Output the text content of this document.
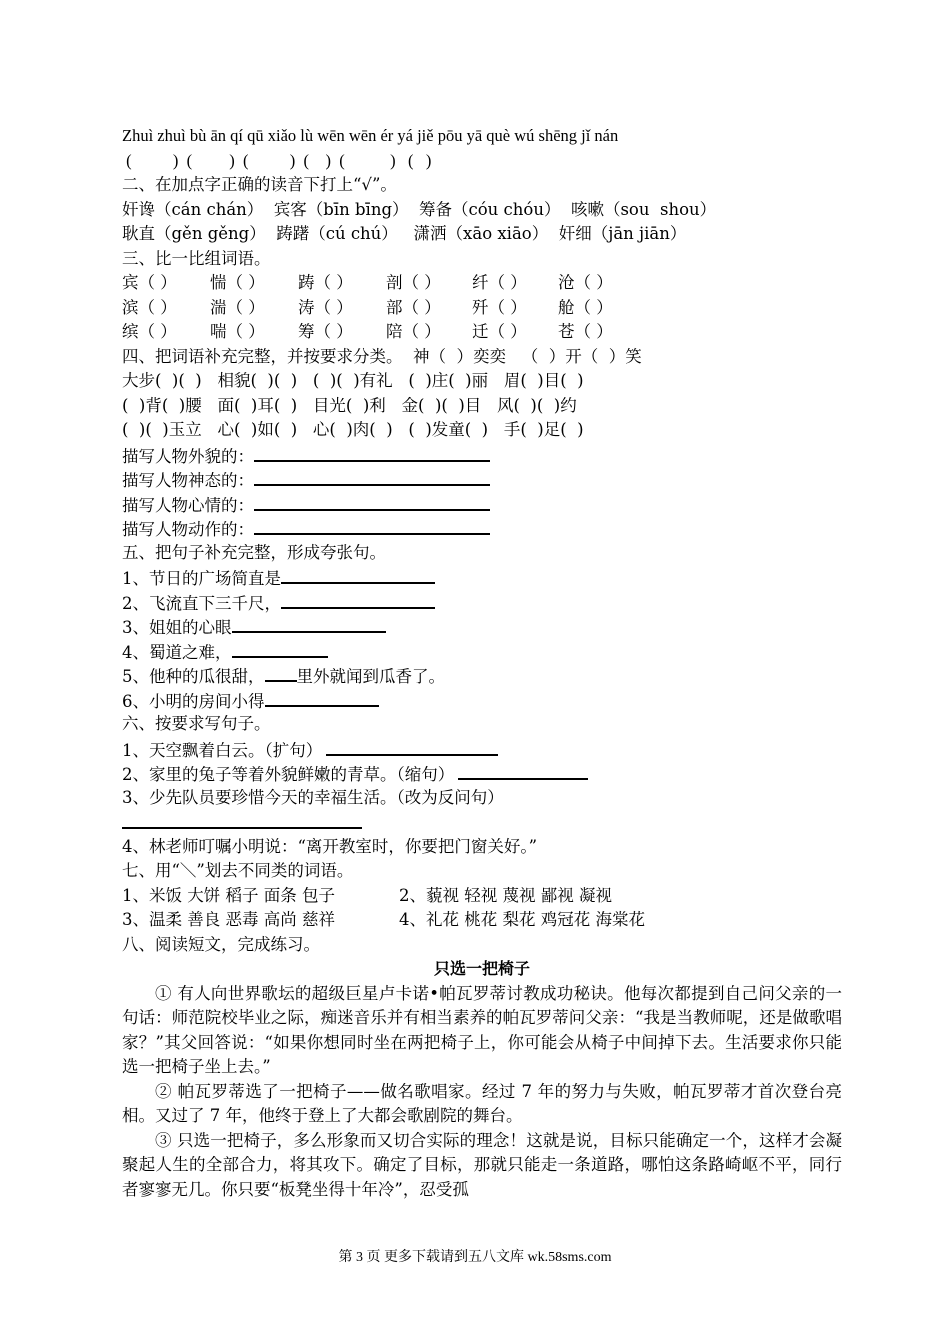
Zhuì zhuì bù ān qí qū xiǎo lù wēn wēn ér yá jiě pōu yā què wú shēng jǐ nán
(          )  (         )  (          )  (    )  (           )   (   )
二、在加点字正确的读音下打上“√”。
奸谗（cán chán）  宾客（bīn bīng）  筹备（cóu chóu）  咳嗽（sou  shou）
耿直（gěn gěng）  踌躇（cú chú）   潇洒（xāo xiāo）  奸细（jān jiān）
三、比一比组词语。
宾（ ）	惴（ ）	踌（ ）	剖（ ）	纤（ ）	沧（ ）
滨（ ）	湍（ ）	涛（ ）	部（ ）	歼（ ）	舱（ ）
缤（ ）	喘（ ）	筹（ ）	陪（ ）	迁（ ）	苍（ ）
四、把词语补充完整，并按要求分类。  神（  ）奕奕   （  ）开（  ）笑
大步(  )(  )   相貌(  )(  )   (  )(  )有礼   (  )庄(  )丽   眉(  )目(  )
(  )背(  )腰   面(  )耳(  )   目光(  )利   金(  )(  )目   风(  )(  )约
(  )(  )玉立   心(  )如(  )   心(  )肉(  )   (  )发童(  )   手(  )足(  )
描写人物外貌的：
描写人物神态的：
描写人物心情的：
描写人物动作的：
五、把句子补充完整，形成夸张句。
1、节日的广场简直是
2、飞流直下三千尺，
3、姐姐的心眼
4、蜀道之难，
5、他种的瓜很甜， 里外就闻到瓜香了。
6、小明的房间小得
六、按要求写句子。
1、天空飘着白云。（扩句）
2、家里的兔子等着外貌鲜嫩的青草。（缩句）
3、少先队员要珍惜今天的幸福生活。（改为反问句）
4、林老师叮嘱小明说：“离开教室时，你要把门窗关好。”
七、用“＼”划去不同类的词语。
1、米饭 大饼 稻子 面条 包子	2、藐视 轻视 蔑视 鄙视 凝视
3、温柔 善良 恶毒 高尚 慈祥	4、礼花 桃花 梨花 鸡冠花 海棠花
八、阅读短文，完成练习。
只选一把椅子
① 有人向世界歌坛的超级巨星卢卡诺•帕瓦罗蒂讨教成功秘诀。他每次都提到自己问父亲的一句话：师范院校毕业之际，痴迷音乐并有相当素养的帕瓦罗蒂问父亲：“我是当教师呢，还是做歌唱家？”其父回答说：“如果你想同时坐在两把椅子上，你可能会从椅子中间掉下去。生活要求你只能选一把椅子坐上去。”
② 帕瓦罗蒂选了一把椅子——做名歌唱家。经过 7 年的努力与失败，帕瓦罗蒂才首次登台亮相。又过了 7 年，他终于登上了大都会歌剧院的舞台。
③ 只选一把椅子，多么形象而又切合实际的理念！这就是说，目标只能确定一个，这样才会凝聚起人生的全部合力，将其攻下。确定了目标，那就只能走一条道路，哪怕这条路崎岖不平，同行者寥寥无几。你只要“板凳坐得十年冷”，忍受孤
第 3 页 更多下载请到五八文库 wk.58sms.com
